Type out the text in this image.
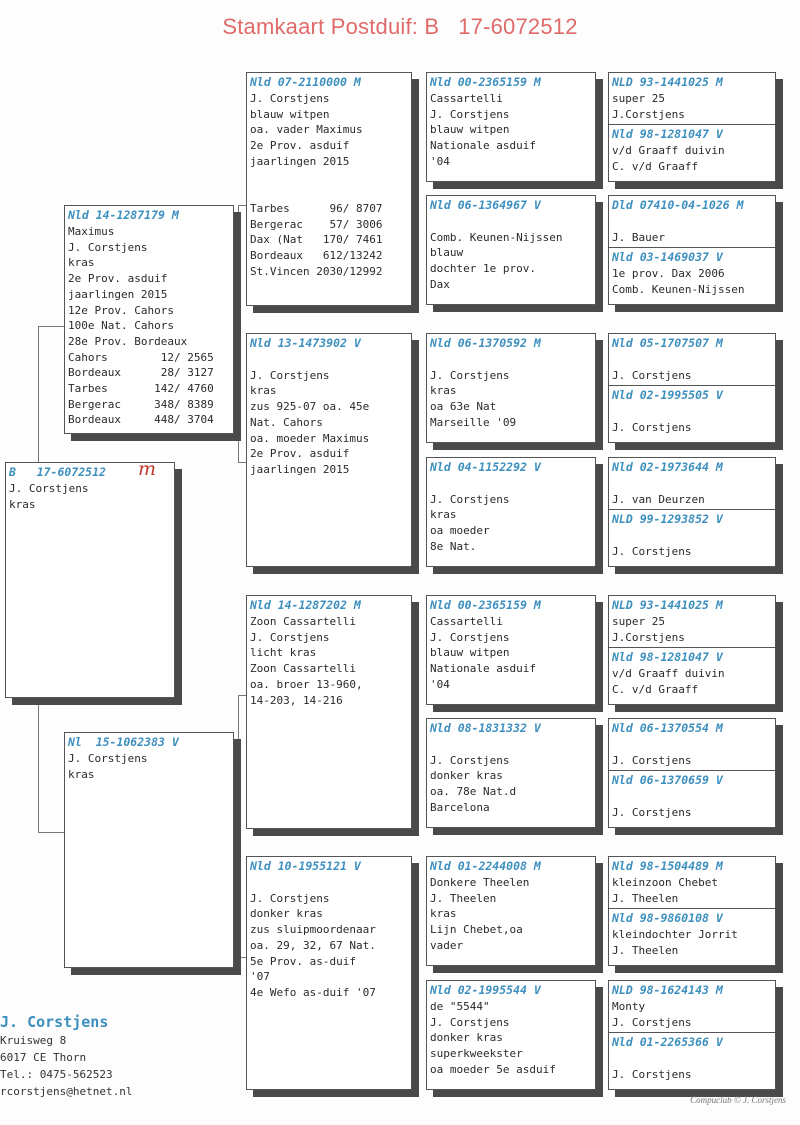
Stamkaart Postduif: B   17-6072512
B   17-6072512
J. Corstjens
kras
m
Nld 14-1287179 M
Maximus
J. Corstjens
kras
2e Prov. asduif
jaarlingen 2015
12e Prov. Cahors
100e Nat. Cahors
28e Prov. Bordeaux
Cahors        12/ 2565
Bordeaux      28/ 3127
Tarbes       142/ 4760
Bergerac     348/ 8389
Bordeaux     448/ 3704
Nl  15-1062383 V
J. Corstjens
kras
Nld 07-2110000 M
J. Corstjens
blauw witpen
oa. vader Maximus
2e Prov. asduif
jaarlingen 2015

Tarbes      96/ 8707
Bergerac    57/ 3006
Dax (Nat   170/ 7461
Bordeaux   612/13242
St.Vincen 2030/12992
Nld 13-1473902 V

J. Corstjens
kras
zus 925-07 oa. 45e
Nat. Cahors
oa. moeder Maximus
2e Prov. asduif
jaarlingen 2015
Nld 14-1287202 M
Zoon Cassartelli
J. Corstjens
licht kras
Zoon Cassartelli
oa. broer 13-960,
14-203, 14-216
Nld 10-1955121 V

J. Corstjens
donker kras
zus sluipmoordenaar
oa. 29, 32, 67 Nat.
5e Prov. as-duif
'07
4e Wefo as-duif '07
Nld 00-2365159 M
Cassartelli
J. Corstjens
blauw witpen
Nationale asduif
'04
Nld 06-1364967 V

Comb. Keunen-Nijssen
blauw
dochter 1e prov.
Dax
Nld 06-1370592 M

J. Corstjens
kras
oa 63e Nat
Marseille '09
Nld 04-1152292 V

J. Corstjens
kras
oa moeder
8e Nat.
Nld 00-2365159 M
Cassartelli
J. Corstjens
blauw witpen
Nationale asduif
'04
Nld 08-1831332 V

J. Corstjens
donker kras
oa. 78e Nat.d
Barcelona
Nld 01-2244008 M
Donkere Theelen
J. Theelen
kras
Lijn Chebet,oa
vader
Nld 02-1995544 V
de "5544"
J. Corstjens
donker kras
superkweekster
oa moeder 5e asduif
NLD 93-1441025 M
super 25
J.Corstjens
Nld 98-1281047 V
v/d Graaff duivin
C. v/d Graaff
Dld 07410-04-1026 M

J. Bauer
Nld 03-1469037 V
1e prov. Dax 2006
Comb. Keunen-Nijssen
Nld 05-1707507 M

J. Corstjens
Nld 02-1995505 V

J. Corstjens
Nld 02-1973644 M

J. van Deurzen
NLD 99-1293852 V

J. Corstjens
NLD 93-1441025 M
super 25
J.Corstjens
Nld 98-1281047 V
v/d Graaff duivin
C. v/d Graaff
Nld 06-1370554 M

J. Corstjens
Nld 06-1370659 V

J. Corstjens
Nld 98-1504489 M
kleinzoon Chebet
J. Theelen
Nld 98-9860108 V
kleindochter Jorrit
J. Theelen
NLD 98-1624143 M
Monty
J. Corstjens
Nld 01-2265366 V

J. Corstjens
J. Corstjens
Kruisweg 8
6017 CE Thorn
Tel.: 0475-562523
rcorstjens@hetnet.nl
Compuclub © J. Corstjens
